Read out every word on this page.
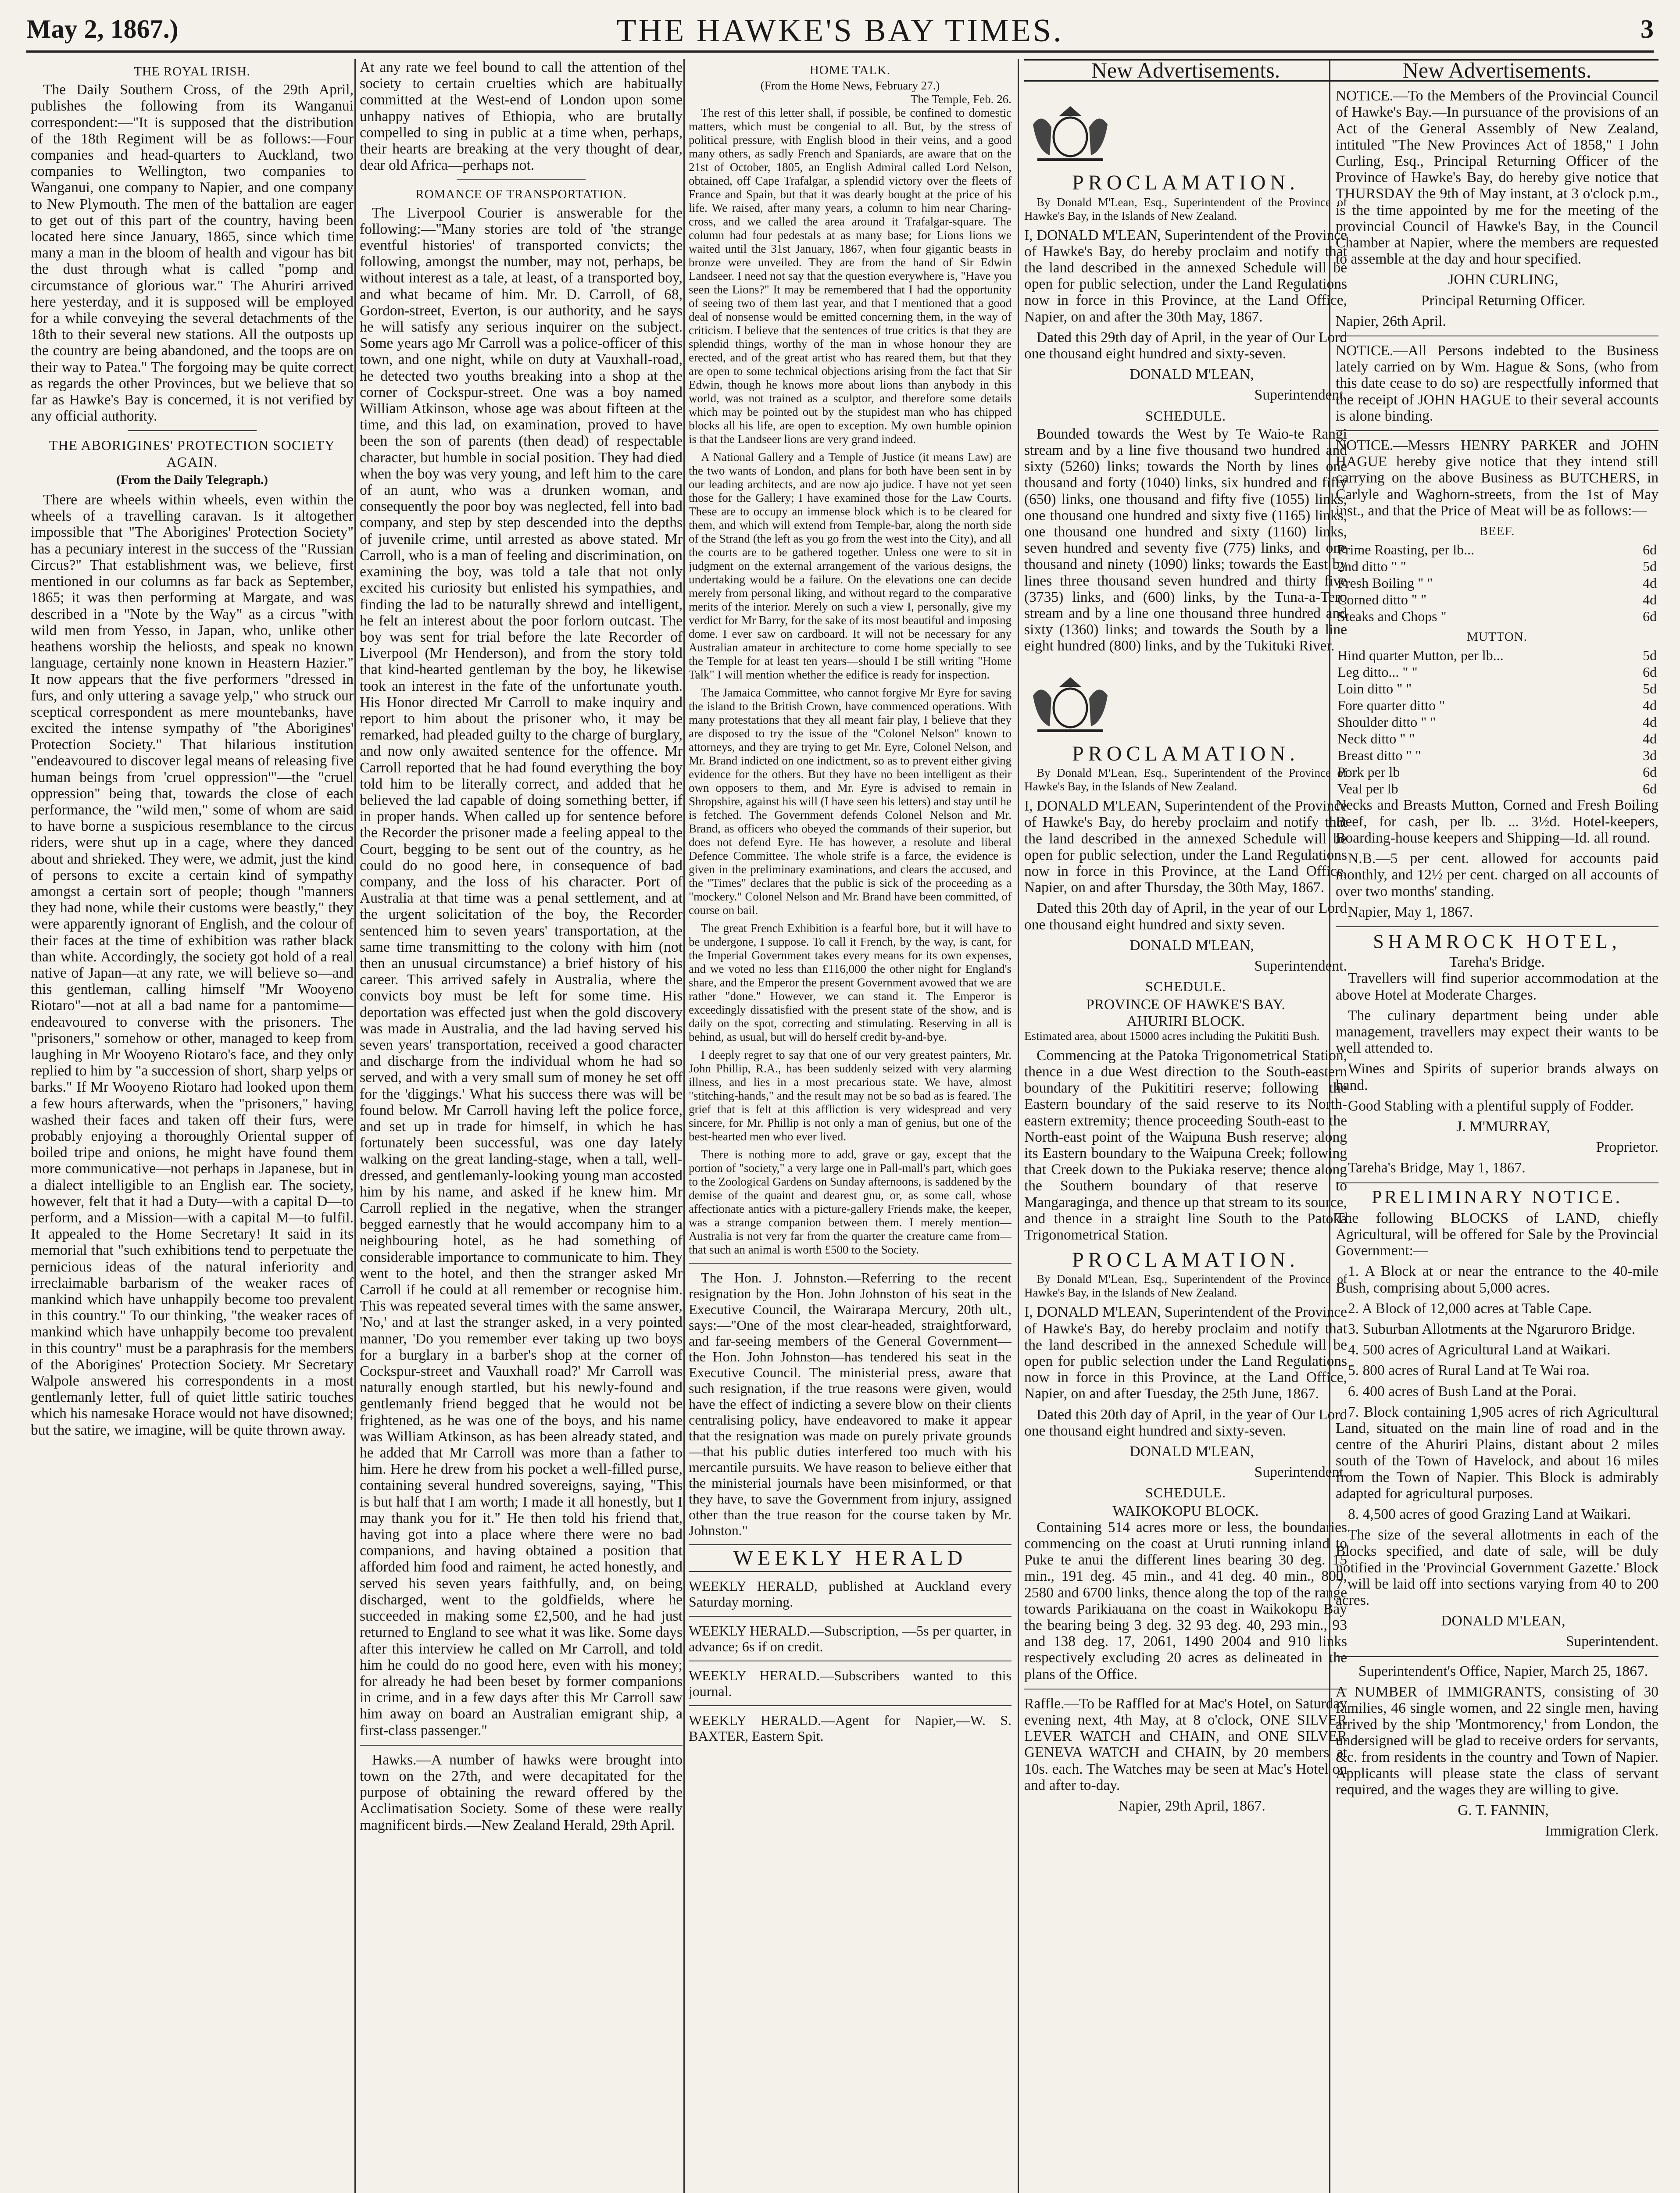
May 2, 1867.)	THE HAWKE'S BAY TIMES.	3
THE ROYAL IRISH.

The Daily Southern Cross, of the 29th April, publishes the following from its Wanganui correspondent:—"It is supposed that the distribution of the 18th Regiment will be as follows:—Four companies and head-quarters to Auckland, two companies to Wellington, two companies to Wanganui, one company to Napier, and one company to New Plymouth. The men of the battalion are eager to get out of this part of the country, having been located here since January, 1865, since which time many a man in the bloom of health and vigour has bit the dust through what is called "pomp and circumstance of glorious war." The Ahuriri arrived here yesterday, and it is supposed will be employed for a while conveying the several detachments of the 18th to their several new stations. All the outposts up the country are being abandoned, and the toops are on their way to Patea." The forgoing may be quite correct as regards the other Provinces, but we believe that so far as Hawke's Bay is concerned, it is not verified by any official authority.

THE ABORIGINES' PROTECTION SOCIETY AGAIN.
(From the Daily Telegraph.)

There are wheels within wheels, even within the wheels of a travelling caravan. Is it altogether impossible that "The Aborigines' Protection Society" has a pecuniary interest in the success of the "Russian Circus?" That establishment was, we believe, first mentioned in our columns as far back as September, 1865; it was then performing at Margate, and was described in a "Note by the Way" as a circus "with wild men from Yesso, in Japan, who, unlike other heathens worship the heliosts, and speak no known language, certainly none known in Heastern Hazier." It now appears that the five performers "dressed in furs, and only uttering a savage yelp," who struck our sceptical correspondent as mere mountebanks, have excited the intense sympathy of "the Aborigines' Protection Society." That hilarious institution "endeavoured to discover legal means of releasing five human beings from 'cruel oppression'"—the "cruel oppression" being that, towards the close of each performance, the "wild men," some of whom are said to have borne a suspicious resemblance to the circus riders, were shut up in a cage, where they danced about and shrieked. They were, we admit, just the kind of persons to excite a certain kind of sympathy amongst a certain sort of people; though "manners they had none, while their customs were beastly," they were apparently ignorant of English, and the colour of their faces at the time of exhibition was rather black than white. Accordingly, the society got hold of a real native of Japan—at any rate, we will believe so—and this gentleman, calling himself "Mr Wooyeno Riotaro"—not at all a bad name for a pantomime—endeavoured to converse with the prisoners. The "prisoners," somehow or other, managed to keep from laughing in Mr Wooyeno Riotaro's face, and they only replied to him by "a succession of short, sharp yelps or barks." If Mr Wooyeno Riotaro had looked upon them a few hours afterwards, when the "prisoners," having washed their faces and taken off their furs, were probably enjoying a thoroughly Oriental supper of boiled tripe and onions, he might have found them more communicative—not perhaps in Japanese, but in a dialect intelligible to an English ear. The society, however, felt that it had a Duty—with a capital D—to perform, and a Mission—with a capital M—to fulfil. It appealed to the Home Secretary! It said in its memorial that "such exhibitions tend to perpetuate the pernicious ideas of the natural inferiority and irreclaimable barbarism of the weaker races of mankind which have unhappily become too prevalent in this country." To our thinking, "the weaker races of mankind which have unhappily become too prevalent in this country" must be a paraphrasis for the members of the Aborigines' Protection Society. Mr Secretary Walpole answered his correspondents in a most gentlemanly letter, full of quiet little satiric touches which his namesake Horace would not have disowned; but the satire, we imagine, will be quite thrown away.

At any rate we feel bound to call the attention of the society to certain cruelties which are habitually committed at the West-end of London upon some unhappy natives of Ethiopia, who are brutally compelled to sing in public at a time when, perhaps, their hearts are breaking at the very thought of dear, dear old Africa—perhaps not.

ROMANCE OF TRANSPORTATION.

The Liverpool Courier is answerable for the following:—"Many stories are told of 'the strange eventful histories' of transported convicts; the following, amongst the number, may not, perhaps, be without interest as a tale, at least, of a transported boy, and what became of him. Mr. D. Carroll, of 68, Gordon-street, Everton, is our authority, and he says he will satisfy any serious inquirer on the subject. Some years ago Mr Carroll was a police-officer of this town, and one night, while on duty at Vauxhall-road, he detected two youths breaking into a shop at the corner of Cockspur-street. One was a boy named William Atkinson, whose age was about fifteen at the time, and this lad, on examination, proved to have been the son of parents (then dead) of respectable character, but humble in social position. They had died when the boy was very young, and left him to the care of an aunt, who was a drunken woman, and consequently the poor boy was neglected, fell into bad company, and step by step descended into the depths of juvenile crime, until arrested as above stated. Mr Carroll, who is a man of feeling and discrimination, on examining the boy, was told a tale that not only excited his curiosity but enlisted his sympathies, and finding the lad to be naturally shrewd and intelligent, he felt an interest about the poor forlorn outcast. The boy was sent for trial before the late Recorder of Liverpool (Mr Henderson), and from the story told that kind-hearted gentleman by the boy, he likewise took an interest in the fate of the unfortunate youth. His Honor directed Mr Carroll to make inquiry and report to him about the prisoner who, it may be remarked, had pleaded guilty to the charge of burglary, and now only awaited sentence for the offence. Mr Carroll reported that he had found everything the boy told him to be literally correct, and added that he believed the lad capable of doing something better, if in proper hands. When called up for sentence before the Recorder the prisoner made a feeling appeal to the Court, begging to be sent out of the country, as he could do no good here, in consequence of bad company, and the loss of his character. Port of Australia at that time was a penal settlement, and at the urgent solicitation of the boy, the Recorder sentenced him to seven years' transportation, at the same time transmitting to the colony with him (not then an unusual circumstance) a brief history of his career. This arrived safely in Australia, where the convicts boy must be left for some time. His deportation was effected just when the gold discovery was made in Australia, and the lad having served his seven years' transportation, received a good character and discharge from the individual whom he had so served, and with a very small sum of money he set off for the 'diggings.' What his success there was will be found below. Mr Carroll having left the police force, and set up in trade for himself, in which he has fortunately been successful, was one day lately walking on the great landing-stage, when a tall, well-dressed, and gentlemanly-looking young man accosted him by his name, and asked if he knew him. Mr Carroll replied in the negative, when the stranger begged earnestly that he would accompany him to a neighbouring hotel, as he had something of considerable importance to communicate to him. They went to the hotel, and then the stranger asked Mr Carroll if he could at all remember or recognise him. This was repeated several times with the same answer, 'No,' and at last the stranger asked, in a very pointed manner, 'Do you remember ever taking up two boys for a burglary in a barber's shop at the corner of Cockspur-street and Vauxhall road?' Mr Carroll was naturally enough startled, but his newly-found and gentlemanly friend begged that he would not be frightened, as he was one of the boys, and his name was William Atkinson, as has been already stated, and he added that Mr Carroll was more than a father to him. Here he drew from his pocket a well-filled purse, containing several hundred sovereigns, saying, "This is but half that I am worth; I made it all honestly, but I may thank you for it." He then told his friend that, having got into a place where there were no bad companions, and having obtained a position that afforded him food and raiment, he acted honestly, and served his seven years faithfully, and, on being discharged, went to the goldfields, where he succeeded in making some £2,500, and he had just returned to England to see what it was like. Some days after this interview he called on Mr Carroll, and told him he could do no good here, even with his money; for already he had been beset by former companions in crime, and in a few days after this Mr Carroll saw him away on board an Australian emigrant ship, a first-class passenger."

Hawks.—A number of hawks were brought into town on the 27th, and were decapitated for the purpose of obtaining the reward offered by the Acclimatisation Society. Some of these were really magnificent birds.—New Zealand Herald, 29th April.

HOME TALK.
(From the Home News, February 27.)
The Temple, Feb. 26.

The rest of this letter shall, if possible, be confined to domestic matters, which must be congenial to all. But, by the stress of political pressure, with English blood in their veins, and a good many others, as sadly French and Spaniards, are aware that on the 21st of October, 1805, an English Admiral called Lord Nelson, obtained, off Cape Trafalgar, a splendid victory over the fleets of France and Spain, but that it was dearly bought at the price of his life. We raised, after many years, a column to him near Charing-cross, and we called the area around it Trafalgar-square. The column had four pedestals at as many base; for Lions lions we waited until the 31st January, 1867, when four gigantic beasts in bronze were unveiled. They are from the hand of Sir Edwin Landseer. I need not say that the question everywhere is, "Have you seen the Lions?" It may be remembered that I had the opportunity of seeing two of them last year, and that I mentioned that a good deal of nonsense would be emitted concerning them, in the way of criticism. I believe that the sentences of true critics is that they are splendid things, worthy of the man in whose honour they are erected, and of the great artist who has reared them, but that they are open to some technical objections arising from the fact that Sir Edwin, though he knows more about lions than anybody in this world, was not trained as a sculptor, and therefore some details which may be pointed out by the stupidest man who has chipped blocks all his life, are open to exception. My own humble opinion is that the Landseer lions are very grand indeed.

A National Gallery and a Temple of Justice (it means Law) are the two wants of London, and plans for both have been sent in by our leading architects, and are now ajo judice. I have not yet seen those for the Gallery; I have examined those for the Law Courts. These are to occupy an immense block which is to be cleared for them, and which will extend from Temple-bar, along the north side of the Strand (the left as you go from the west into the City), and all the courts are to be gathered together. Unless one were to sit in judgment on the external arrangement of the various designs, the undertaking would be a failure. On the elevations one can decide merely from personal liking, and without regard to the comparative merits of the interior. Merely on such a view I, personally, give my verdict for Mr Barry, for the sake of its most beautiful and imposing dome. I ever saw on cardboard. It will not be necessary for any Australian amateur in architecture to come home specially to see the Temple for at least ten years—should I be still writing "Home Talk" I will mention whether the edifice is ready for inspection.

The Jamaica Committee, who cannot forgive Mr Eyre for saving the island to the British Crown, have commenced operations. With many protestations that they all meant fair play, I believe that they are disposed to try the issue of the "Colonel Nelson" known to attorneys, and they are trying to get Mr. Eyre, Colonel Nelson, and Mr. Brand indicted on one indictment, so as to prevent either giving evidence for the others. But they have no been intelligent as their own opposers to them, and Mr. Eyre is advised to remain in Shropshire, against his will (I have seen his letters) and stay until he is fetched. The Government defends Colonel Nelson and Mr. Brand, as officers who obeyed the commands of their superior, but does not defend Eyre. He has however, a resolute and liberal Defence Committee. The whole strife is a farce, the evidence is given in the preliminary examinations, and clears the accused, and the "Times" declares that the public is sick of the proceeding as a "mockery." Colonel Nelson and Mr. Brand have been committed, of course on bail.

The great French Exhibition is a fearful bore, but it will have to be undergone, I suppose. To call it French, by the way, is cant, for the Imperial Government takes every means for its own expenses, and we voted no less than £116,000 the other night for England's share, and the Emperor the present Government avowed that we are rather "done." However, we can stand it. The Emperor is exceedingly dissatisfied with the present state of the show, and is daily on the spot, correcting and stimulating. Reserving in all is behind, as usual, but will do herself credit by-and-bye.

I deeply regret to say that one of our very greatest painters, Mr. John Phillip, R.A., has been suddenly seized with very alarming illness, and lies in a most precarious state. We have, almost "stitching-hands," and the result may not be so bad as is feared. The grief that is felt at this affliction is very widespread and very sincere, for Mr. Phillip is not only a man of genius, but one of the best-hearted men who ever lived.

There is nothing more to add, grave or gay, except that the portion of "society," a very large one in Pall-mall's part, which goes to the Zoological Gardens on Sunday afternoons, is saddened by the demise of the quaint and dearest gnu, or, as some call, whose affectionate antics with a picture-gallery Friends make, the keeper, was a strange companion between them. I merely mention—Australia is not very far from the quarter the creature came from—that such an animal is worth £500 to the Society.

The Hon. J. Johnston.—Referring to the recent resignation by the Hon. John Johnston of his seat in the Executive Council, the Wairarapa Mercury, 20th ult., says:—"One of the most clear-headed, straightforward, and far-seeing members of the General Government—the Hon. John Johnston—has tendered his seat in the Executive Council. The ministerial press, aware that such resignation, if the true reasons were given, would have the effect of indicting a severe blow on their clients centralising policy, have endeavored to make it appear that the resignation was made on purely private grounds—that his public duties interfered too much with his mercantile pursuits. We have reason to believe either that the ministerial journals have been misinformed, or that they have, to save the Government from injury, assigned other than the true reason for the course taken by Mr. Johnston."

WEEKLY HERALD

WEEKLY HERALD, published at Auckland every Saturday morning.

WEEKLY HERALD.—Subscription, —5s per quarter, in advance; 6s if on credit.

WEEKLY HERALD.—Subscribers wanted to this journal.

WEEKLY HERALD.—Agent for Napier,—W. S. BAXTER, Eastern Spit.

New Advertisements.
PROCLAMATION.

By Donald M'Lean, Esq., Superintendent of the Province of Hawke's Bay, in the Islands of New Zealand.

I, DONALD M'LEAN, Superintendent of the Province of Hawke's Bay, do hereby proclaim and notify that the land described in the annexed Schedule will be open for public selection, under the Land Regulations now in force in this Province, at the Land Office, Napier, on and after the 30th May, 1867.

Dated this 29th day of April, in the year of Our Lord one thousand eight hundred and sixty-seven.

DONALD M'LEAN,

Superintendent.

SCHEDULE.

Bounded towards the West by Te Waio-te Rangi stream and by a line five thousand two hundred and sixty (5260) links; towards the North by lines one thousand and forty (1040) links, six hundred and fifty (650) links, one thousand and fifty five (1055) links, one thousand one hundred and sixty five (1165) links, one thousand one hundred and sixty (1160) links, seven hundred and seventy five (775) links, and one thousand and ninety (1090) links; towards the East by lines three thousand seven hundred and thirty five (3735) links, and (600) links, by the Tuna-a-Tero stream and by a line one thousand three hundred and sixty (1360) links; and towards the South by a line eight hundred (800) links, and by the Tukituki River.

PROCLAMATION.

By Donald M'Lean, Esq., Superintendent of the Province of Hawke's Bay, in the Islands of New Zealand.

I, DONALD M'LEAN, Superintendent of the Province of Hawke's Bay, do hereby proclaim and notify that the land described in the annexed Schedule will be open for public selection, under the Land Regulations now in force in this Province, at the Land Office, Napier, on and after Thursday, the 30th May, 1867.

Dated this 20th day of April, in the year of our Lord one thousand eight hundred and sixty seven.

DONALD M'LEAN,

Superintendent.

SCHEDULE.
PROVINCE OF HAWKE'S BAY.
AHURIRI BLOCK.

Estimated area, about 15000 acres including the Pukititi Bush.

Commencing at the Patoka Trigonometrical Station, thence in a due West direction to the South-eastern boundary of the Pukititiri reserve; following the Eastern boundary of the said reserve to its North-eastern extremity; thence proceeding South-east to the North-east point of the Waipuna Bush reserve; along its Eastern boundary to the Waipuna Creek; following that Creek down to the Pukiaka reserve; thence along the Southern boundary of that reserve to Mangaraginga, and thence up that stream to its source, and thence in a straight line South to the Patoka Trigonometrical Station.

PROCLAMATION.

By Donald M'Lean, Esq., Superintendent of the Province of Hawke's Bay, in the Islands of New Zealand.

I, DONALD M'LEAN, Superintendent of the Province of Hawke's Bay, do hereby proclaim and notify that the land described in the annexed Schedule will be open for public selection under the Land Regulations now in force in this Province, at the Land Office, Napier, on and after Tuesday, the 25th June, 1867.

Dated this 20th day of April, in the year of Our Lord one thousand eight hundred and sixty-seven.

DONALD M'LEAN,

Superintendent.

SCHEDULE.
WAIKOKOPU BLOCK.

Containing 514 acres more or less, the boundaries commencing on the coast at Uruti running inland to Puke te anui the different lines bearing 30 deg. 15 min., 191 deg. 45 min., and 41 deg. 40 min., 800, 2580 and 6700 links, thence along the top of the range towards Parikiauana on the coast in Waikokopu Bay the bearing being 3 deg. 32 93 deg. 40, 293 min., 93 and 138 deg. 17, 2061, 1490 2004 and 910 links respectively excluding 20 acres as delineated in the plans of the Office.

Raffle.—To be Raffled for at Mac's Hotel, on Saturday evening next, 4th May, at 8 o'clock, ONE SILVER LEVER WATCH and CHAIN, and ONE SILVER GENEVA WATCH and CHAIN, by 20 members at 10s. each. The Watches may be seen at Mac's Hotel on and after to-day.

Napier, 29th April, 1867.

New Advertisements.

NOTICE.—To the Members of the Provincial Council of Hawke's Bay.—In pursuance of the provisions of an Act of the General Assembly of New Zealand, intituled "The New Provinces Act of 1858," I John Curling, Esq., Principal Returning Officer of the Province of Hawke's Bay, do hereby give notice that THURSDAY the 9th of May instant, at 3 o'clock p.m., is the time appointed by me for the meeting of the provincial Council of Hawke's Bay, in the Council Chamber at Napier, where the members are requested to assemble at the day and hour specified.

JOHN CURLING,

Principal Returning Officer.

Napier, 26th April.

NOTICE.—All Persons indebted to the Business lately carried on by Wm. Hague & Sons, (who from this date cease to do so) are respectfully informed that the receipt of JOHN HAGUE to their several accounts is alone binding.

NOTICE.—Messrs HENRY PARKER and JOHN HAGUE hereby give notice that they intend still carrying on the above Business as BUTCHERS, in Carlyle and Waghorn-streets, from the 1st of May inst., and that the Price of Meat will be as follows:—

BEEF.
Prime Roasting, per lb...	6d
2nd ditto " "	5d
Fresh Boiling " "	4d
Corned ditto " "	4d
Steaks and Chops "	6d
MUTTON.
Hind quarter Mutton, per lb...	5d
Leg ditto... " "	6d
Loin ditto " "	5d
Fore quarter ditto "	4d
Shoulder ditto " "	4d
Neck ditto " "	4d
Breast ditto " "	3d
Pork per lb	6d
Veal per lb	6d

Necks and Breasts Mutton, Corned and Fresh Boiling Beef, for cash, per lb. ... 3½d. Hotel-keepers, Boarding-house keepers and Shipping—Id. all round.

N.B.—5 per cent. allowed for accounts paid monthly, and 12½ per cent. charged on all accounts of over two months' standing.

Napier, May 1, 1867.

SHAMROCK HOTEL,
Tareha's Bridge.

Travellers will find superior accommodation at the above Hotel at Moderate Charges.

The culinary department being under able management, travellers may expect their wants to be well attended to.

Wines and Spirits of superior brands always on hand.

Good Stabling with a plentiful supply of Fodder.

J. M'MURRAY,

Proprietor.

Tareha's Bridge, May 1, 1867.

PRELIMINARY NOTICE.

The following BLOCKS of LAND, chiefly Agricultural, will be offered for Sale by the Provincial Government:—

1. A Block at or near the entrance to the 40-mile Bush, comprising about 5,000 acres.

2. A Block of 12,000 acres at Table Cape.

3. Suburban Allotments at the Ngaruroro Bridge.

4. 500 acres of Agricultural Land at Waikari.

5. 800 acres of Rural Land at Te Wai roa.

6. 400 acres of Bush Land at the Porai.

7. Block containing 1,905 acres of rich Agricultural Land, situated on the main line of road and in the centre of the Ahuriri Plains, distant about 2 miles south of the Town of Havelock, and about 16 miles from the Town of Napier. This Block is admirably adapted for agricultural purposes.

8. 4,500 acres of good Grazing Land at Waikari.

The size of the several allotments in each of the Blocks specified, and date of sale, will be duly notified in the 'Provincial Government Gazette.' Block 7 will be laid off into sections varying from 40 to 200 acres.

DONALD M'LEAN,

Superintendent.

Superintendent's Office, Napier, March 25, 1867.

A NUMBER of IMMIGRANTS, consisting of 30 families, 46 single women, and 22 single men, having arrived by the ship 'Montmorency,' from London, the undersigned will be glad to receive orders for servants, &c. from residents in the country and Town of Napier. Applicants will please state the class of servant required, and the wages they are willing to give.

G. T. FANNIN,

Immigration Clerk.
